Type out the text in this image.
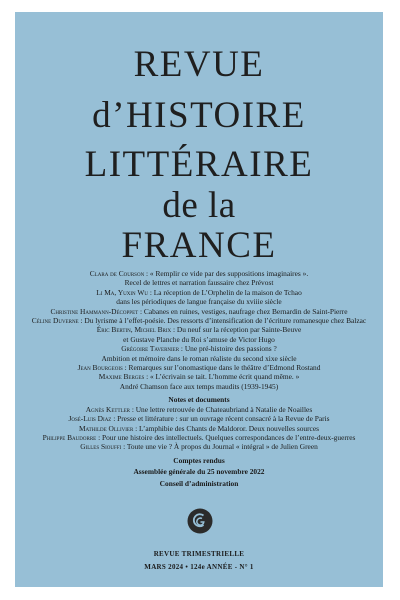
REVUE
d’HISTOIRE
LITTÉRAIRE
de la
FRANCE
Clara de Courson : « Remplir ce vide par des suppositions imaginaires ».
Recel de lettres et narration faussaire chez Prévost
Li Ma, Yuxin Wu : La réception de L’Orphelin de la maison de Tchao
dans les périodiques de langue française du xviiie siècle
Christine Hammann-Décoppet : Cabanes en ruines, vestiges, naufrage chez Bernardin de Saint-Pierre
Céline Duverne : Du lyrisme à l’effet-poésie. Des ressorts d’intensification de l’écriture romanesque chez Balzac
Éric Bertin, Michel Brix : Du neuf sur la réception par Sainte-Beuve
et Gustave Planche du Roi s’amuse de Victor Hugo
Grégoire Tavernier : Une pré-histoire des passions ?
Ambition et mémoire dans le roman réaliste du second xixe siècle
Jean Bourgeois : Remarques sur l’onomastique dans le théâtre d’Edmond Rostand
Maxime Berges : « L’écrivain se tait. L’homme écrit quand même. »
André Chamson face aux temps maudits (1939-1945)
Notes et documents
Agnès Kettler : Une lettre retrouvée de Chateaubriand à Natalie de Noailles
José-Luis Diaz : Presse et littérature : sur un ouvrage récent consacré à la Revue de Paris
Mathilde Ollivier : L’amphibie des Chants de Maldoror. Deux nouvelles sources
Philippe Baudorre : Pour une histoire des intellectuels. Quelques correspondances de l’entre-deux-guerres
Gilles Siouffi : Toute une vie ? À propos du Journal « intégral » de Julien Green
Comptes rendus
Assemblée générale du 25 novembre 2022
Conseil d’administration
REVUE TRIMESTRIELLE
MARS 2024 • 124e ANNÉE - N° 1
